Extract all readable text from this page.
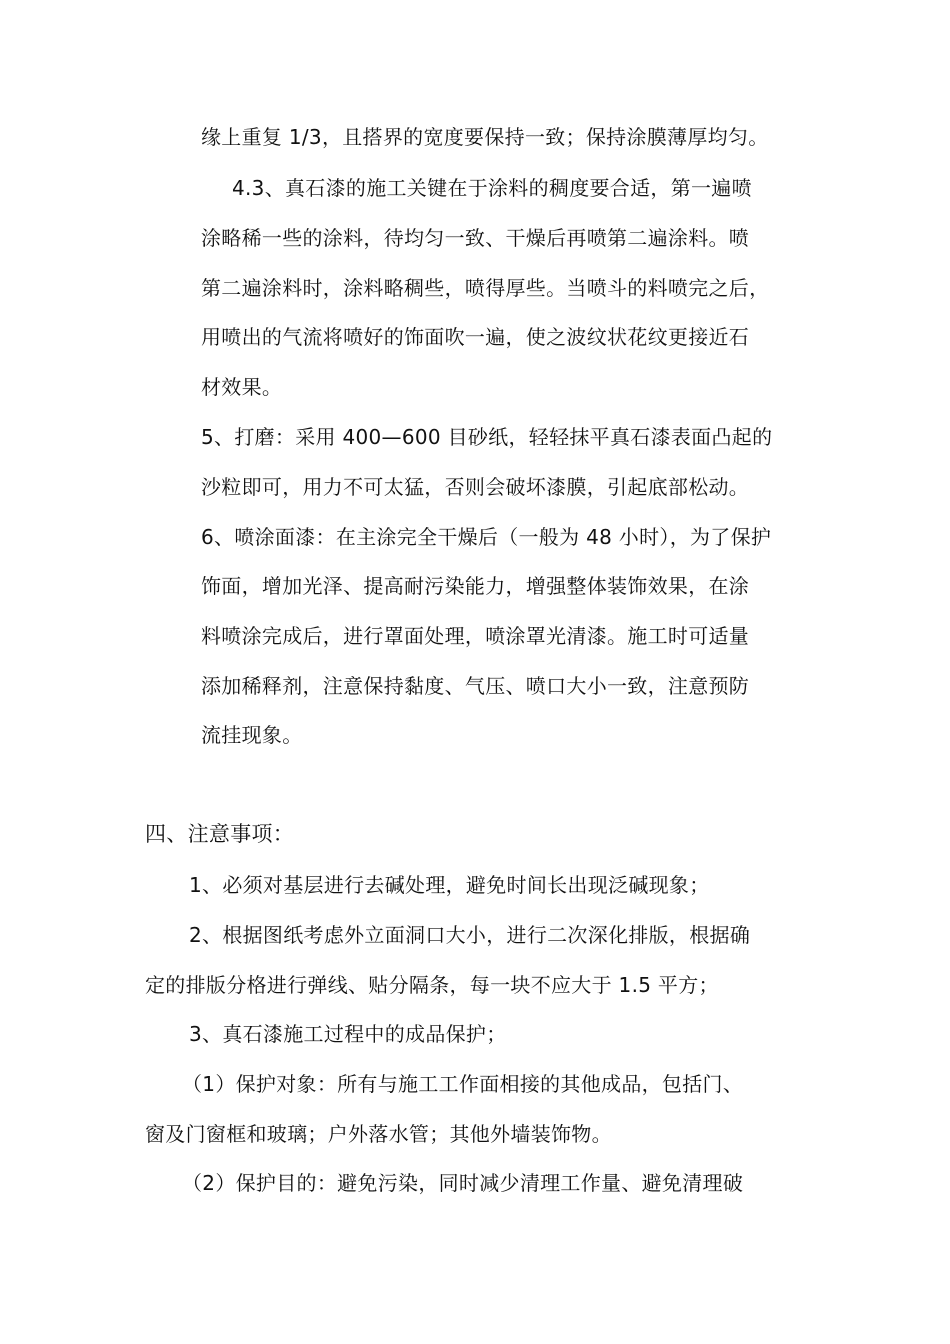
缘上重复 1/3，且搭界的宽度要保持一致；保持涂膜薄厚均匀。
4.3、真石漆的施工关键在于涂料的稠度要合适，第一遍喷
涂略稀一些的涂料，待均匀一致、干燥后再喷第二遍涂料。喷
第二遍涂料时，涂料略稠些，喷得厚些。当喷斗的料喷完之后，
用喷出的气流将喷好的饰面吹一遍，使之波纹状花纹更接近石
材效果。
5、打磨：采用 400—600 目砂纸，轻轻抹平真石漆表面凸起的
沙粒即可，用力不可太猛，否则会破坏漆膜，引起底部松动。
6、喷涂面漆：在主涂完全干燥后（一般为 48 小时），为了保护
饰面，增加光泽、提高耐污染能力，增强整体装饰效果，在涂
料喷涂完成后，进行罩面处理，喷涂罩光清漆。施工时可适量
添加稀释剂，注意保持黏度、气压、喷口大小一致，注意预防
流挂现象。
四、注意事项：
1、必须对基层进行去碱处理，避免时间长出现泛碱现象；
2、根据图纸考虑外立面洞口大小，进行二次深化排版，根据确
定的排版分格进行弹线、贴分隔条，每一块不应大于 1.5 平方；
3、真石漆施工过程中的成品保护；
（1）保护对象：所有与施工工作面相接的其他成品，包括门、
窗及门窗框和玻璃；户外落水管；其他外墙装饰物。
（2）保护目的：避免污染，同时减少清理工作量、避免清理破
